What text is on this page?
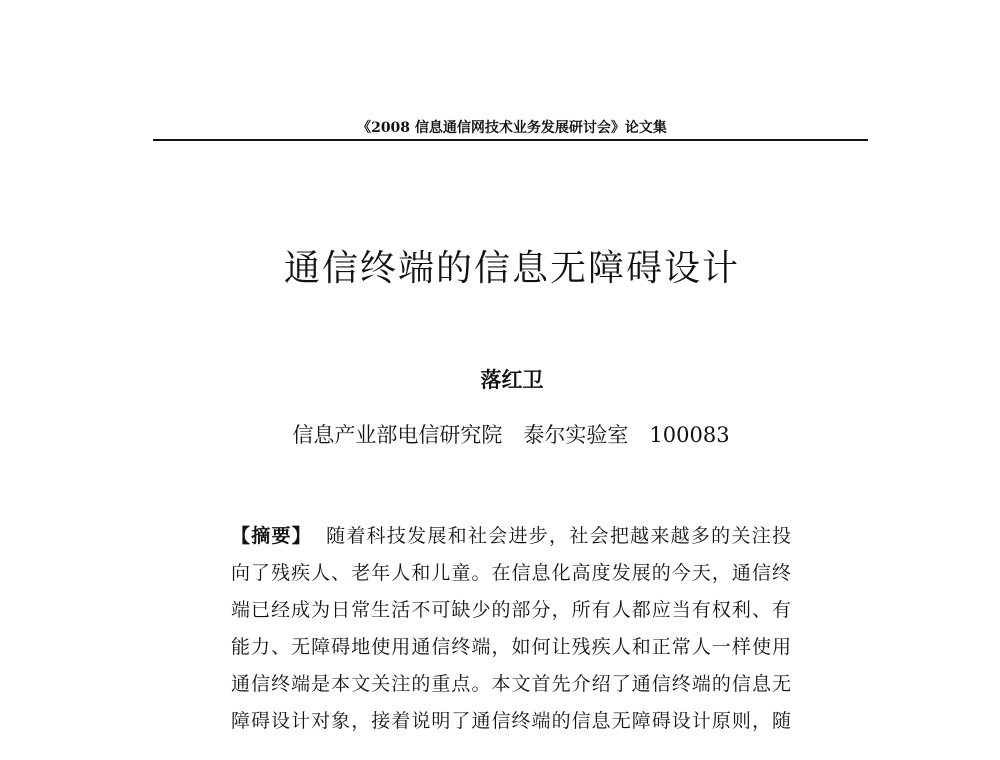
《2008 信息通信网技术业务发展研讨会》论文集
通信终端的信息无障碍设计
落红卫
信息产业部电信研究院　泰尔实验室　100083
【摘要】 随着科技发展和社会进步，社会把越来越多的关注投
向了残疾人、老年人和儿童。在信息化高度发展的今天，通信终
端已经成为日常生活不可缺少的部分，所有人都应当有权利、有
能力、无障碍地使用通信终端，如何让残疾人和正常人一样使用
通信终端是本文关注的重点。本文首先介绍了通信终端的信息无
障碍设计对象，接着说明了通信终端的信息无障碍设计原则，随
